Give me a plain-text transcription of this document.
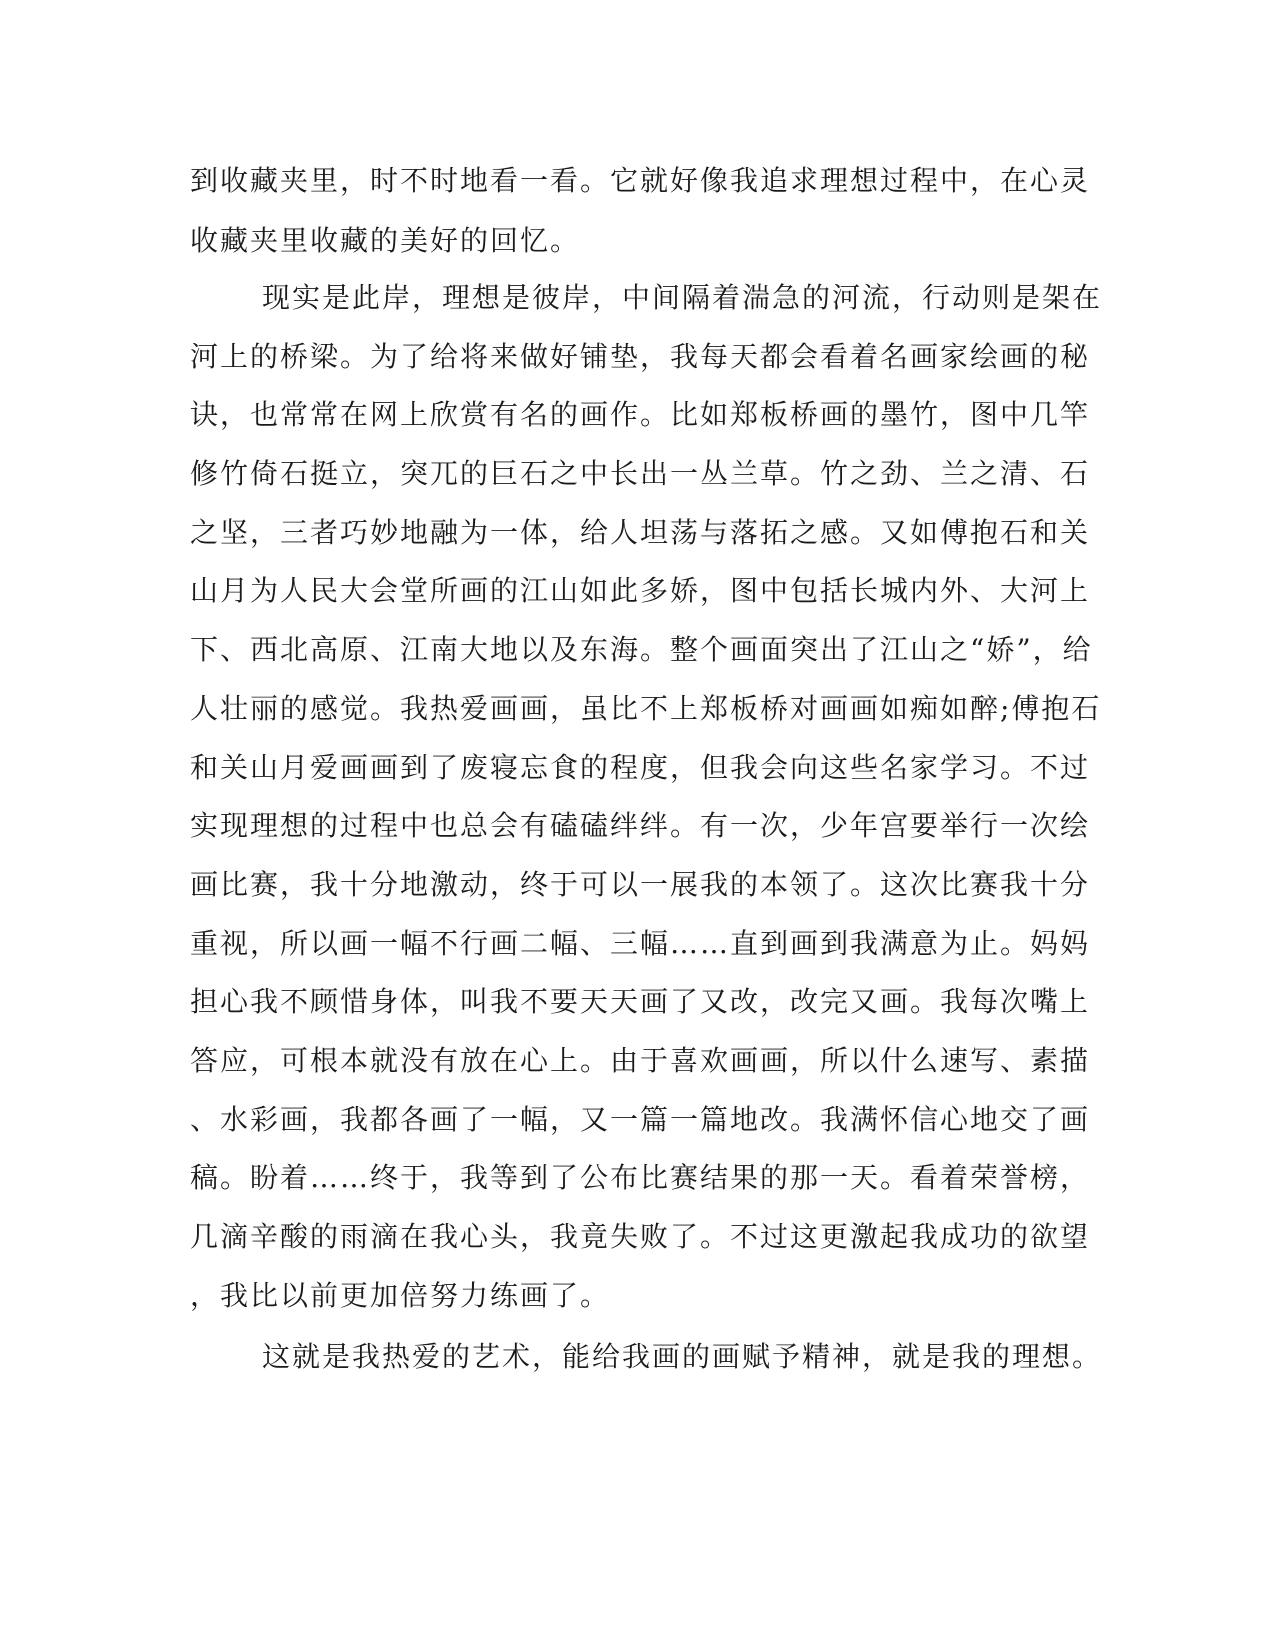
到收藏夹里，时不时地看一看。它就好像我追求理想过程中，在心灵
收藏夹里收藏的美好的回忆。
现实是此岸，理想是彼岸，中间隔着湍急的河流，行动则是架在
河上的桥梁。为了给将来做好铺垫，我每天都会看着名画家绘画的秘
诀，也常常在网上欣赏有名的画作。比如郑板桥画的墨竹，图中几竿
修竹倚石挺立，突兀的巨石之中长出一丛兰草。竹之劲、兰之清、石
之坚，三者巧妙地融为一体，给人坦荡与落拓之感。又如傅抱石和关
山月为人民大会堂所画的江山如此多娇，图中包括长城内外、大河上
下、西北高原、江南大地以及东海。整个画面突出了江山之“娇”，给
人壮丽的感觉。我热爱画画，虽比不上郑板桥对画画如痴如醉;傅抱石
和关山月爱画画到了废寝忘食的程度，但我会向这些名家学习。不过
实现理想的过程中也总会有磕磕绊绊。有一次，少年宫要举行一次绘
画比赛，我十分地激动，终于可以一展我的本领了。这次比赛我十分
重视，所以画一幅不行画二幅、三幅……直到画到我满意为止。妈妈
担心我不顾惜身体，叫我不要天天画了又改，改完又画。我每次嘴上
答应，可根本就没有放在心上。由于喜欢画画，所以什么速写、素描
、水彩画，我都各画了一幅，又一篇一篇地改。我满怀信心地交了画
稿。盼着……终于，我等到了公布比赛结果的那一天。看着荣誉榜，
几滴辛酸的雨滴在我心头，我竟失败了。不过这更激起我成功的欲望
，我比以前更加倍努力练画了。
这就是我热爱的艺术，能给我画的画赋予精神，就是我的理想。
